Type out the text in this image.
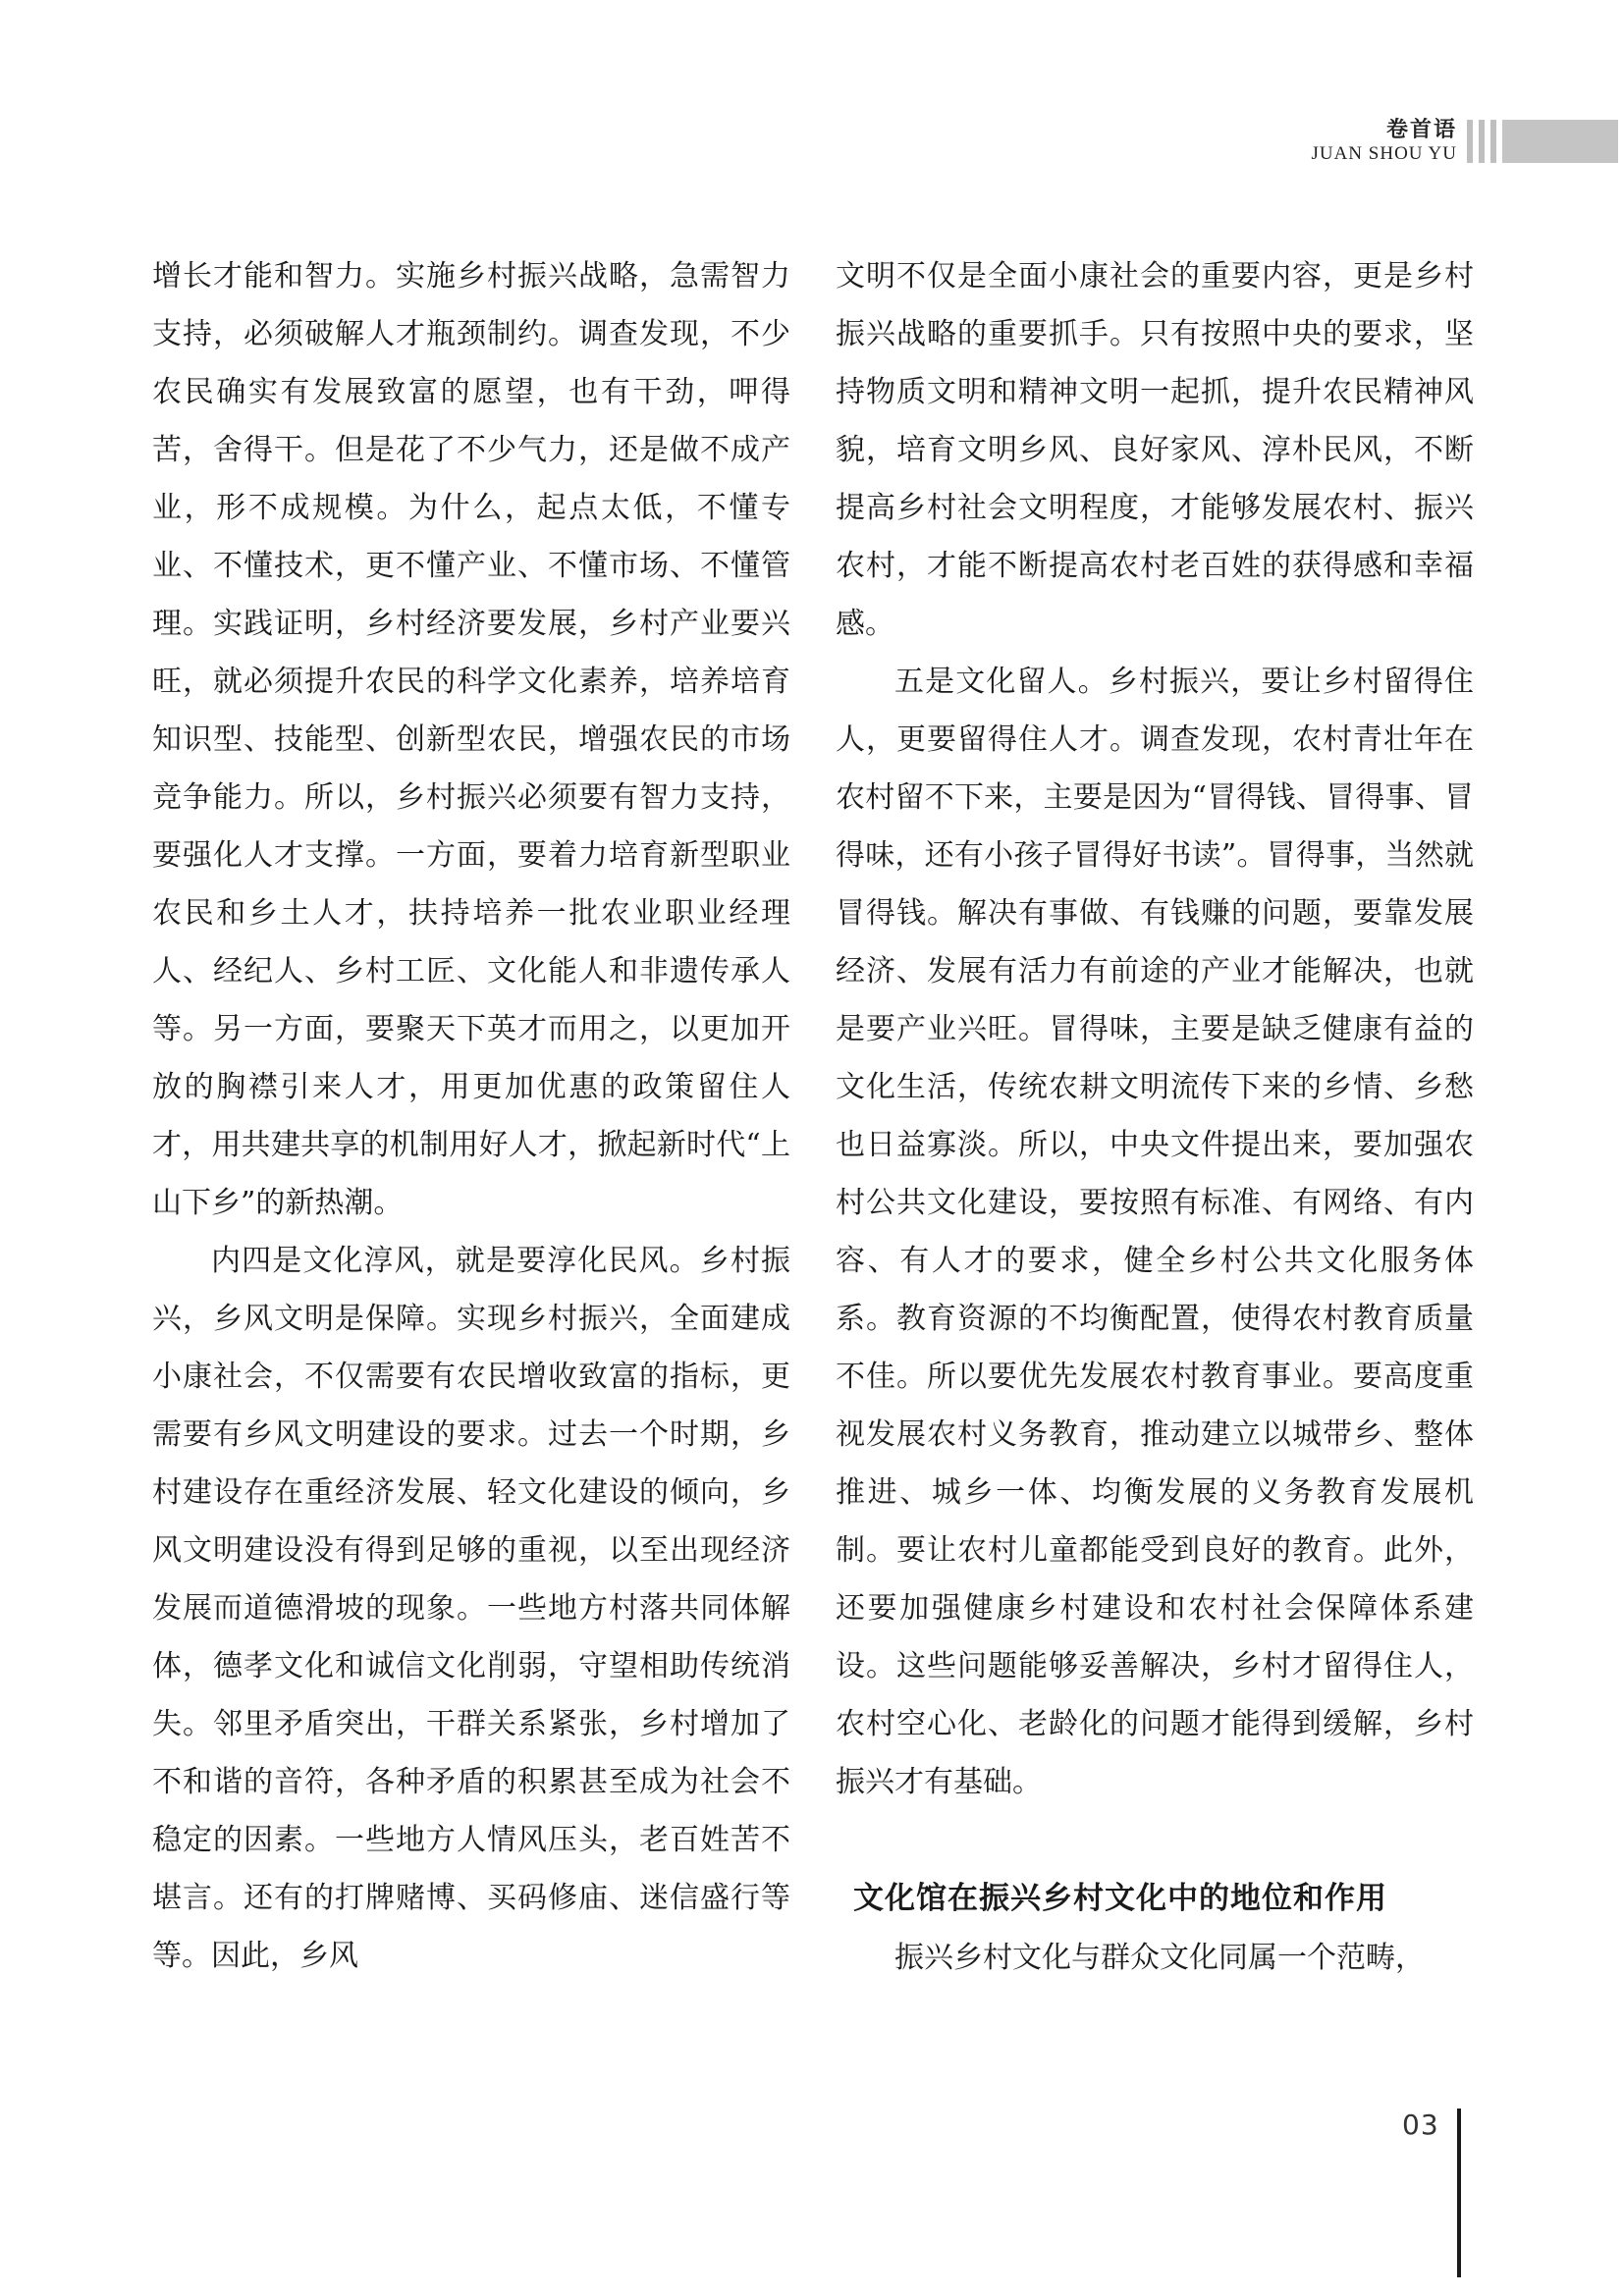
卷首语
JUAN SHOU YU

增长才能和智力。实施乡村振兴战略，急需智力支持，必须破解人才瓶颈制约。调查发现，不少农民确实有发展致富的愿望，也有干劲，呷得苦，舍得干。但是花了不少气力，还是做不成产业，形不成规模。为什么，起点太低，不懂专业、不懂技术，更不懂产业、不懂市场、不懂管理。实践证明，乡村经济要发展，乡村产业要兴旺，就必须提升农民的科学文化素养，培养培育知识型、技能型、创新型农民，增强农民的市场竞争能力。所以，乡村振兴必须要有智力支持，要强化人才支撑。一方面，要着力培育新型职业农民和乡土人才，扶持培养一批农业职业经理人、经纪人、乡村工匠、文化能人和非遗传承人等。另一方面，要聚天下英才而用之，以更加开放的胸襟引来人才，用更加优惠的政策留住人才，用共建共享的机制用好人才，掀起新时代“上山下乡”的新热潮。

内四是文化淳风，就是要淳化民风。乡村振兴，乡风文明是保障。实现乡村振兴，全面建成小康社会，不仅需要有农民增收致富的指标，更需要有乡风文明建设的要求。过去一个时期，乡村建设存在重经济发展、轻文化建设的倾向，乡风文明建设没有得到足够的重视，以至出现经济发展而道德滑坡的现象。一些地方村落共同体解体，德孝文化和诚信文化削弱，守望相助传统消失。邻里矛盾突出，干群关系紧张，乡村增加了不和谐的音符，各种矛盾的积累甚至成为社会不稳定的因素。一些地方人情风压头，老百姓苦不堪言。还有的打牌赌博、买码修庙、迷信盛行等等。因此，乡风

文明不仅是全面小康社会的重要内容，更是乡村振兴战略的重要抓手。只有按照中央的要求，坚持物质文明和精神文明一起抓，提升农民精神风貌，培育文明乡风、良好家风、淳朴民风，不断提高乡村社会文明程度，才能够发展农村、振兴农村，才能不断提高农村老百姓的获得感和幸福感。

五是文化留人。乡村振兴，要让乡村留得住人，更要留得住人才。调查发现，农村青壮年在农村留不下来，主要是因为“冒得钱、冒得事、冒得味，还有小孩子冒得好书读”。冒得事，当然就冒得钱。解决有事做、有钱赚的问题，要靠发展经济、发展有活力有前途的产业才能解决，也就是要产业兴旺。冒得味，主要是缺乏健康有益的文化生活，传统农耕文明流传下来的乡情、乡愁也日益寡淡。所以，中央文件提出来，要加强农村公共文化建设，要按照有标准、有网络、有内容、有人才的要求，健全乡村公共文化服务体系。教育资源的不均衡配置，使得农村教育质量不佳。所以要优先发展农村教育事业。要高度重视发展农村义务教育，推动建立以城带乡、整体推进、城乡一体、均衡发展的义务教育发展机制。要让农村儿童都能受到良好的教育。此外，还要加强健康乡村建设和农村社会保障体系建设。这些问题能够妥善解决，乡村才留得住人，农村空心化、老龄化的问题才能得到缓解，乡村振兴才有基础。

文化馆在振兴乡村文化中的地位和作用

振兴乡村文化与群众文化同属一个范畴，

03
